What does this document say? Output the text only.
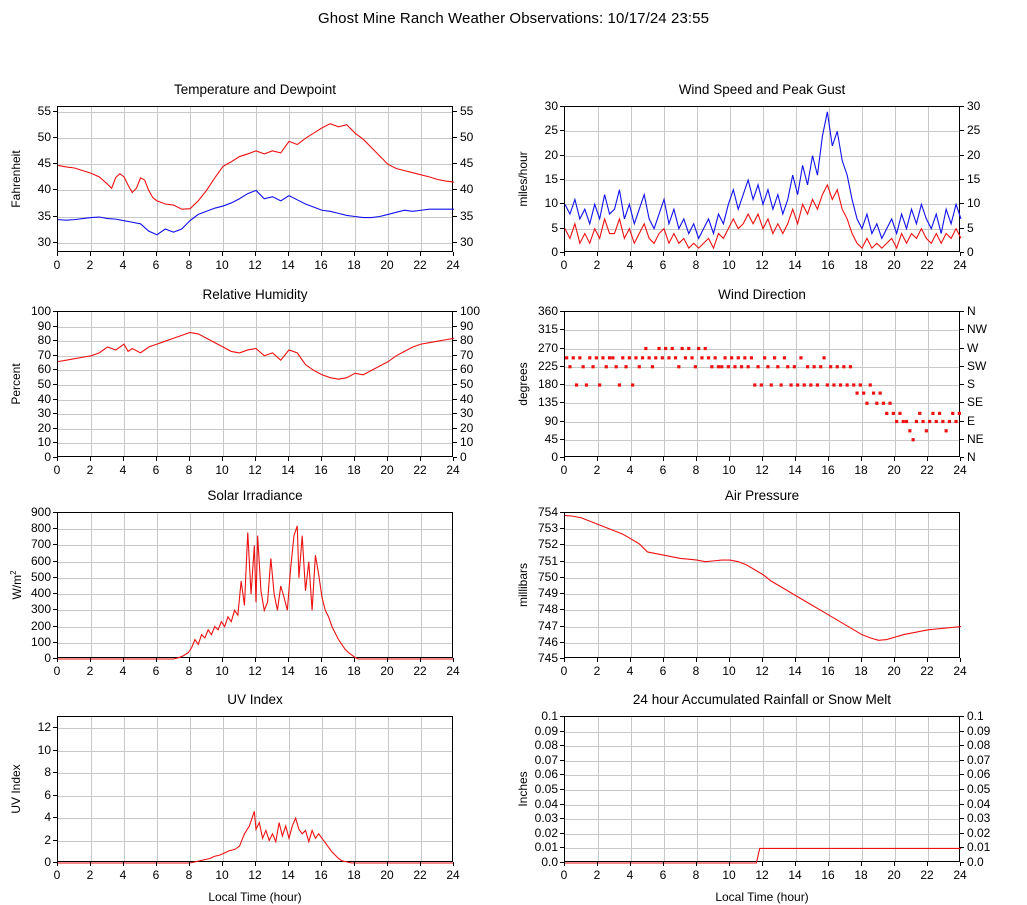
Ghost Mine Ranch Weather Observations: 10/17/24 23:55
Temperature and Dewpoint
0 2 4 6 8 10 12 14 16 18 20 22 24
30	30
35	35
40	40
45	45
50	50
55	55
Fahrenheit
Wind Speed and Peak Gust
0 2 4 6 8 10 12 14 16 18 20 22 24
0	0
5	5
10	10
15	15
20	20
25	25
30	30
miles/hour
Relative Humidity
0 2 4 6 8 10 12 14 16 18 20 22 24
0	0
10	10
20	20
30	30
40	40
50	50
60	60
70	70
80	80
90	90
100	100
Percent
Wind Direction
0 2 4 6 8 10 12 14 16 18 20 22 24
0	N
45	NE
90	E
135	SE
180	S
225	SW
270	W
315	NW
360	N
degrees
Solar Irradiance
0 2 4 6 8 10 12 14 16 18 20 22 24
0
100
200
300
400
500
600
700
800
900
$W/m^2$
Air Pressure
0 2 4 6 8 10 12 14 16 18 20 22 24
745
746
747
748
749
750
751
752
753
754
millibars
UV Index
0 2 4 6 8 10 12 14 16 18 20 22 24
0
2
4
6
8
10
12
UV Index
Local Time (hour)
24 hour Accumulated Rainfall or Snow Melt
0 2 4 6 8 10 12 14 16 18 20 22 24
0.0	0.0
0.01	0.01
0.02	0.02
0.03	0.03
0.04	0.04
0.05	0.05
0.06	0.06
0.07	0.07
0.08	0.08
0.09	0.09
0.1	0.1
Inches
Local Time (hour)
